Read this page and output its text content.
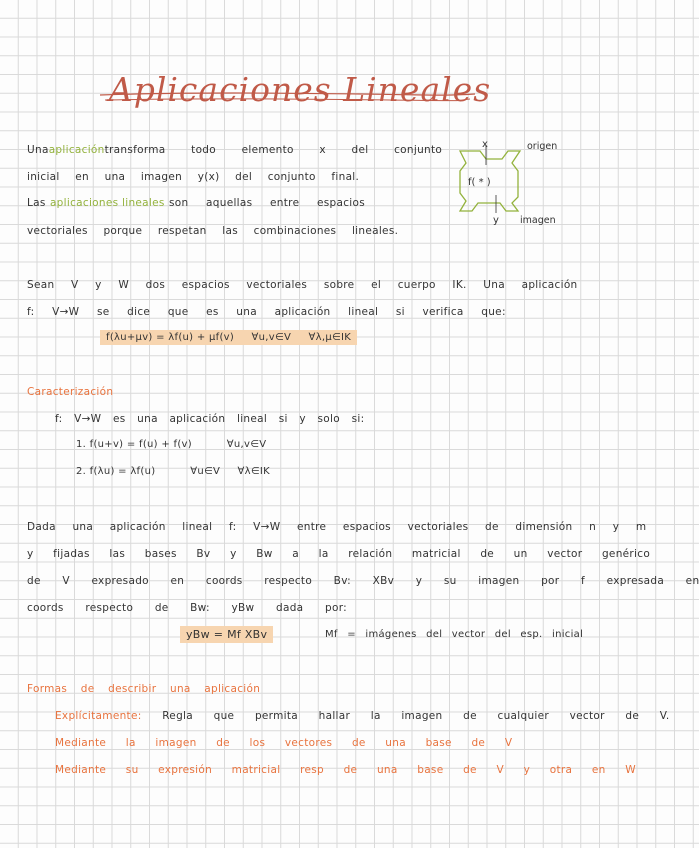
Aplicaciones Lineales
Una aplicación transforma todo elemento x del conjunto
inicial en una imagen y(x) del conjunto final.
Las aplicaciones lineales son aquellas entre espacios
vectoriales porque respetan las combinaciones lineales.
x	origen
f( * )
y imagen
Sean V y W dos espacios vectoriales sobre el cuerpo IK. Una aplicación
f: V→W se dice que es una aplicación lineal si verifica que:
f(λu+μv) = λf(u) + μf(v)     ∀u,v∈V     ∀λ,μ∈IK
Caracterización
f: V→W es una aplicación lineal si y solo si:
1. f(u+v) = f(u) + f(v)          ∀u,v∈V
2. f(λu) = λf(u)          ∀u∈V     ∀λ∈IK
Dada una aplicación lineal f: V→W entre espacios vectoriales de dimensión n y m
y fijadas las bases Bv y Bw a la relación matricial de un vector genérico
de V expresado en coords respecto Bv: XBv y su imagen por f expresada en
coords respecto de Bw: yBw dada por:
yBw = Mf XBv	Mf = imágenes del vector del esp. inicial
Formas de describir una aplicación
Explícitamente: Regla que permita hallar la imagen de cualquier vector de V.
Mediante la imagen de los vectores de una base de V
Mediante su expresión matricial resp de una base de V y otra en W
